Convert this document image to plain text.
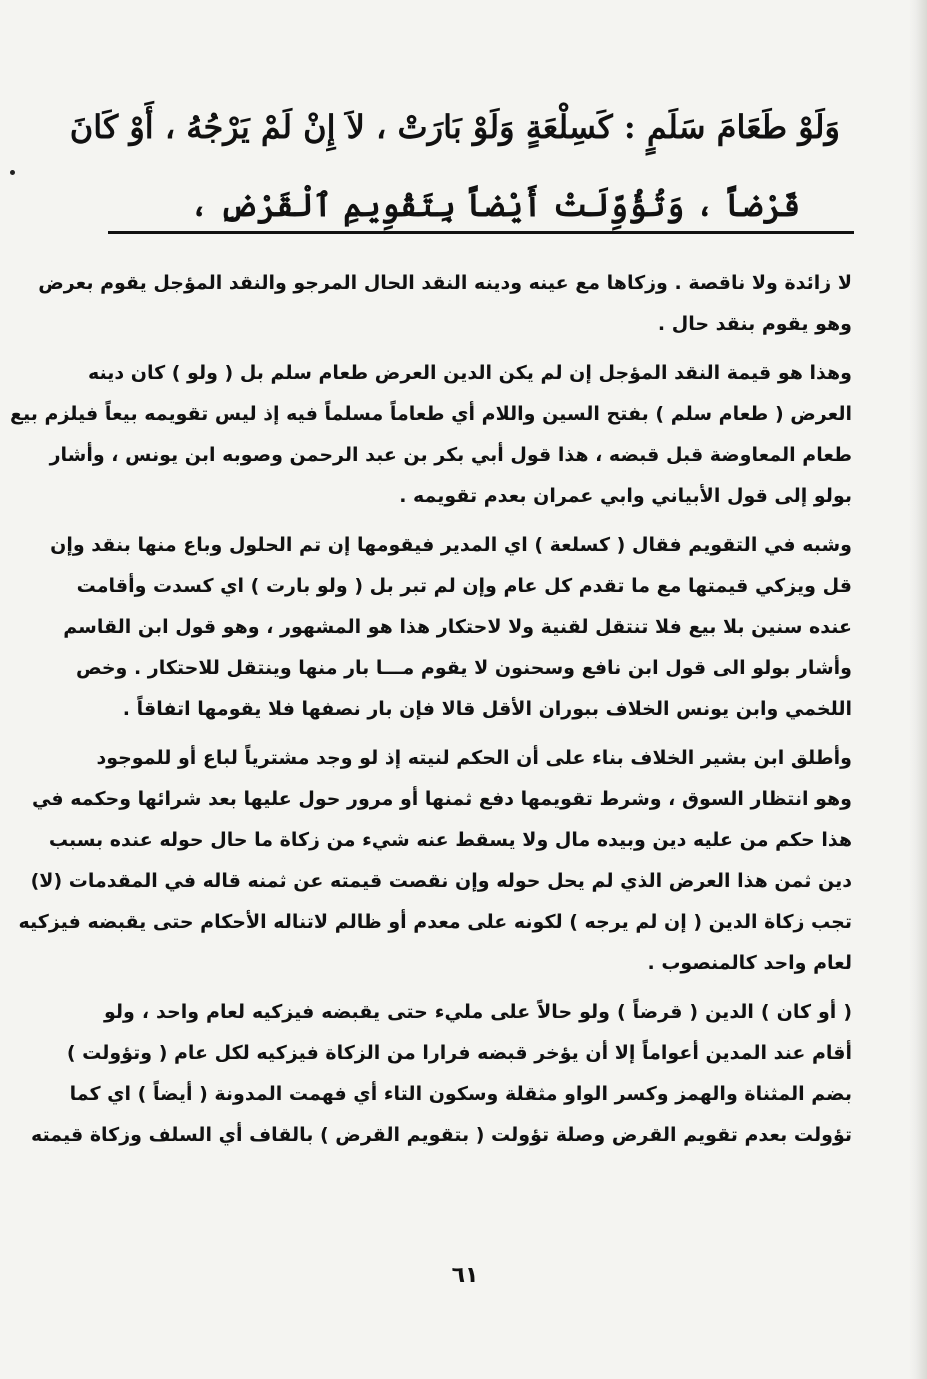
وَلَوْ طَعَامَ سَلَمٍ : كَسِلْعَةٍ وَلَوْ بَارَتْ ، لاَ إِنْ لَمْ يَرْجُهُ ، أَوْ كَانَ
قَرْضاً ، وَتُؤُوِّلَتْ أَيْضاً بِتَقْوِيمِ ٱلْقَرْضِ ،
لا زائدة ولا ناقصة . وزكاها مع عينه ودينه النقد الحال المرجو والنقد المؤجل يقوم بعرض
وهو يقوم بنقد حال .
وهذا هو قيمة النقد المؤجل إن لم يكن الدين العرض طعام سلم بل ( ولو ) كان دينه
العرض ( طعام سلم ) بفتح السين واللام أي طعاماً مسلماً فيه إذ ليس تقويمه بيعاً فيلزم بيع
طعام المعاوضة قبل قبضه ، هذا قول أبي بكر بن عبد الرحمن وصوبه ابن يونس ، وأشار
بولو إلى قول الأبياني وابي عمران بعدم تقويمه .
وشبه في التقويم فقال ( كسلعة ) اي المدير فيقومها إن تم الحلول وباع منها بنقد وإن
قل ويزكي قيمتها مع ما تقدم كل عام وإن لم تبر بل ( ولو بارت ) اي كسدت وأقامت
عنده سنين بلا بيع فلا تنتقل لقنية ولا لاحتكار هذا هو المشهور ، وهو قول ابن القاسم
وأشار بولو الى قول ابن نافع وسحنون لا يقوم مـــا بار منها وينتقل للاحتكار . وخص
اللخمي وابن يونس الخلاف ببوران الأقل قالا فإن بار نصفها فلا يقومها اتفاقاً .
وأطلق ابن بشير الخلاف بناء على أن الحكم لنيته إذ لو وجد مشترياً لباع أو للموجود
وهو انتظار السوق ، وشرط تقويمها دفع ثمنها أو مرور حول عليها بعد شرائها وحكمه في
هذا حكم من عليه دين وبيده مال ولا يسقط عنه شيء من زكاة ما حال حوله عنده بسبب
دين ثمن هذا العرض الذي لم يحل حوله وإن نقصت قيمته عن ثمنه قاله في المقدمات (لا)
تجب زكاة الدين ( إن لم يرجه ) لكونه على معدم أو ظالم لاتناله الأحكام حتى يقبضه فيزكيه
لعام واحد كالمنصوب .
( أو كان ) الدين ( قرضاً ) ولو حالاً على مليء حتى يقبضه فيزكيه لعام واحد ، ولو
أقام عند المدين أعواماً إلا أن يؤخر قبضه فرارا من الزكاة فيزكيه لكل عام ( وتؤولت )
بضم المثناة والهمز وكسر الواو مثقلة وسكون التاء أي فهمت المدونة ( أيضاً ) اي كما
تؤولت بعدم تقويم القرض وصلة تؤولت ( بتقويم القرض ) بالقاف أي السلف وزكاة قيمته
٦١
